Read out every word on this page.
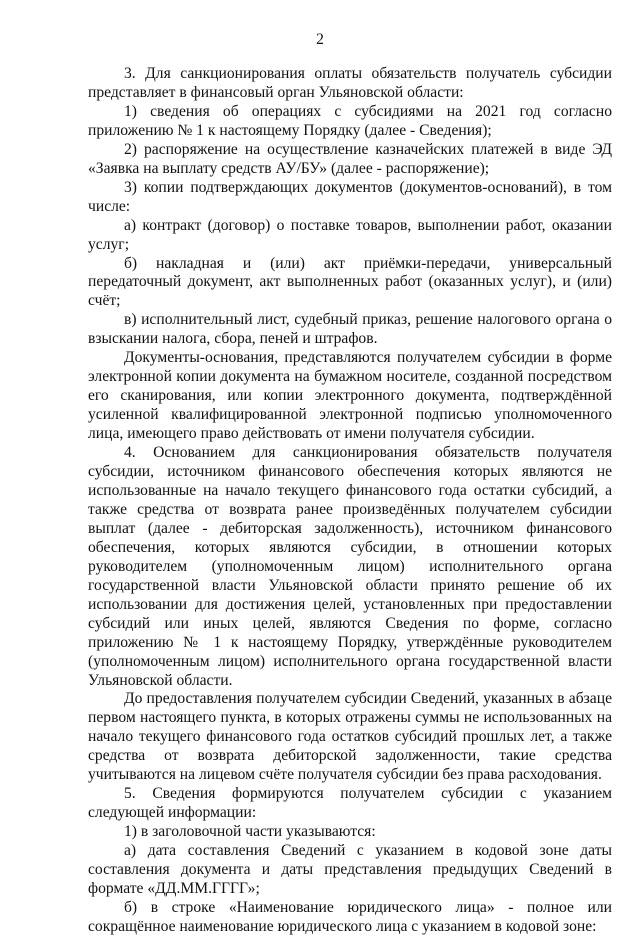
2

3. Для санкционирования оплаты обязательств получатель субсидии представляет в финансовый орган Ульяновской области:

1) сведения об операциях с субсидиями на 2021 год согласно приложению № 1 к настоящему Порядку (далее - Сведения);

2) распоряжение на осуществление казначейских платежей в виде ЭД «Заявка на выплату средств АУ/БУ» (далее - распоряжение);

3) копии подтверждающих документов (документов-оснований), в том числе:

а) контракт (договор) о поставке товаров, выполнении работ, оказании услуг;

б) накладная и (или) акт приёмки-передачи, универсальный передаточный документ, акт выполненных работ (оказанных услуг), и (или) счёт;

в) исполнительный лист, судебный приказ, решение налогового органа о взыскании налога, сбора, пеней и штрафов.

Документы-основания, представляются получателем субсидии в форме электронной копии документа на бумажном носителе, созданной посредством его сканирования, или копии электронного документа, подтверждённой усиленной квалифицированной электронной подписью уполномоченного лица, имеющего право действовать от имени получателя субсидии.

4. Основанием для санкционирования обязательств получателя субсидии, источником финансового обеспечения которых являются не использованные на начало текущего финансового года остатки субсидий, а также средства от возврата ранее произведённых получателем субсидии выплат (далее - дебиторская задолженность), источником финансового обеспечения, которых являются субсидии, в отношении которых руководителем (уполномоченным лицом) исполнительного органа государственной власти Ульяновской области принято решение об их использовании для достижения целей, установленных при предоставлении субсидий или иных целей, являются Сведения по форме, согласно приложению № 1 к настоящему Порядку, утверждённые руководителем (уполномоченным лицом) исполнительного органа государственной власти Ульяновской области.

До предоставления получателем субсидии Сведений, указанных в абзаце первом настоящего пункта, в которых отражены суммы не использованных на начало текущего финансового года остатков субсидий прошлых лет, а также средства от возврата дебиторской задолженности, такие средства учитываются на лицевом счёте получателя субсидии без права расходования.

5. Сведения формируются получателем субсидии с указанием следующей информации:

1) в заголовочной части указываются:

а) дата составления Сведений с указанием в кодовой зоне даты составления документа и даты представления предыдущих Сведений в формате «ДД.ММ.ГГГГ»;

б) в строке «Наименование юридического лица» - полное или сокращённое наименование юридического лица с указанием в кодовой зоне:
